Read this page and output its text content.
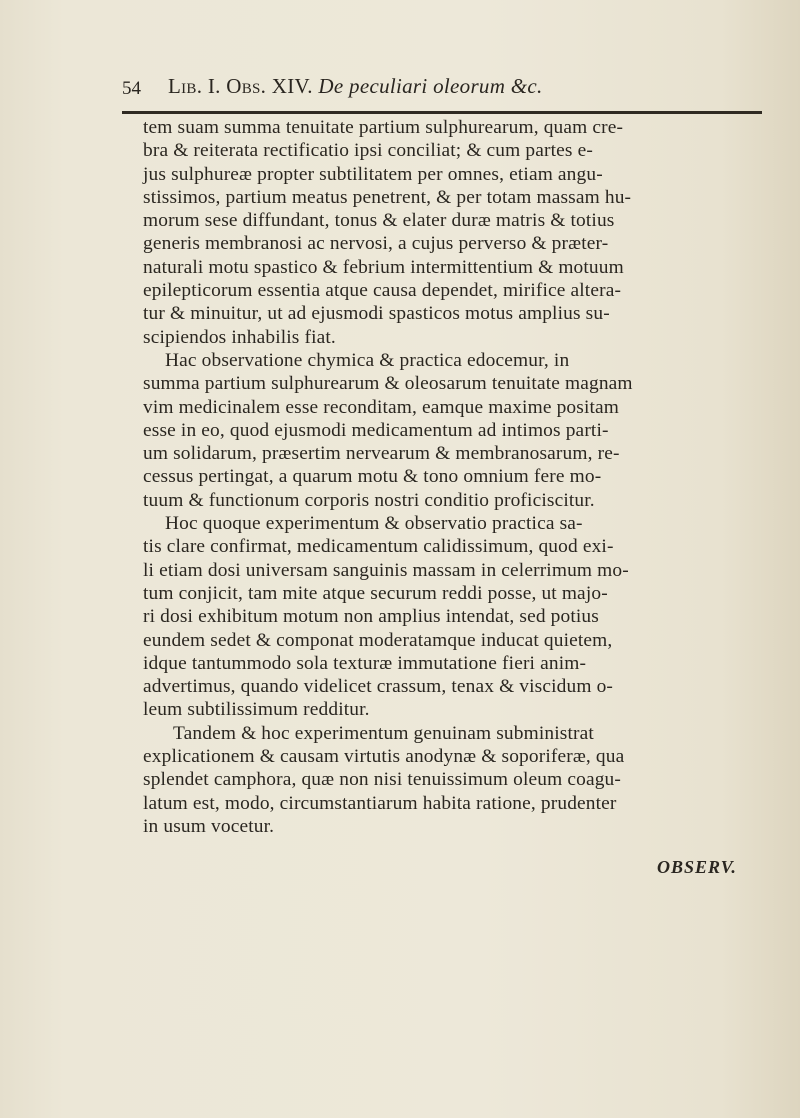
54 Lib. I. Obs. XIV. De peculiari oleorum &c.
tem suam summa tenuitate partium sulphurearum, quam cre-
bra & reiterata rectificatio ipsi conciliat; & cum partes e-
jus sulphureæ propter subtilitatem per omnes, etiam angu-
stissimos, partium meatus penetrent, & per totam massam hu-
morum sese diffundant, tonus & elater duræ matris & totius
generis membranosi ac nervosi, a cujus perverso & præter-
naturali motu spastico & febrium intermittentium & motuum
epilepticorum essentia atque causa dependet, mirifice altera-
tur & minuitur, ut ad ejusmodi spasticos motus amplius su-
scipiendos inhabilis fiat.
Hac observatione chymica & practica edocemur, in
summa partium sulphurearum & oleosarum tenuitate magnam
vim medicinalem esse reconditam, eamque maxime positam
esse in eo, quod ejusmodi medicamentum ad intimos parti-
um solidarum, præsertim nervearum & membranosarum, re-
cessus pertingat, a quarum motu & tono omnium fere mo-
tuum & functionum corporis nostri conditio proficiscitur.
Hoc quoque experimentum & observatio practica sa-
tis clare confirmat, medicamentum calidissimum, quod exi-
li etiam dosi universam sanguinis massam in celerrimum mo-
tum conjicit, tam mite atque securum reddi posse, ut majo-
ri dosi exhibitum motum non amplius intendat, sed potius
eundem sedet & componat moderatamque inducat quietem,
idque tantummodo sola texturæ immutatione fieri anim-
advertimus, quando videlicet crassum, tenax & viscidum o-
leum subtilissimum redditur.
Tandem & hoc experimentum genuinam subministrat
explicationem & causam virtutis anodynæ & soporiferæ, qua
splendet camphora, quæ non nisi tenuissimum oleum coagu-
latum est, modo, circumstantiarum habita ratione, prudenter
in usum vocetur.
OBSERV.
